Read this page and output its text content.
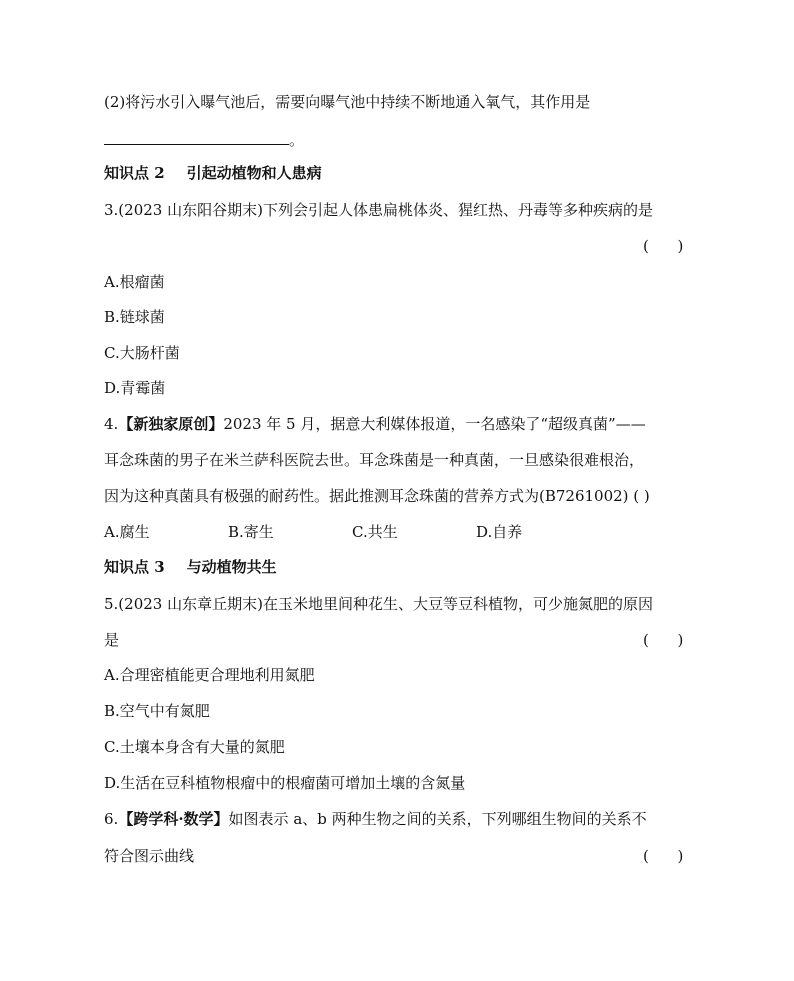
(2)将污水引入曝气池后，需要向曝气池中持续不断地通入氧气，其作用是
。
知识点 2 引起动植物和人患病
3.(2023 山东阳谷期末)下列会引起人体患扁桃体炎、猩红热、丹毒等多种疾病的是
(      )
A.根瘤菌
B.链球菌
C.大肠杆菌
D.青霉菌
4.【新独家原创】2023 年 5 月，据意大利媒体报道，一名感染了“超级真菌”——
耳念珠菌的男子在米兰萨科医院去世。耳念珠菌是一种真菌，一旦感染很难根治，
因为这种真菌具有极强的耐药性。据此推测耳念珠菌的营养方式为(B7261002) ( )
A.腐生	B.寄生	C.共生	D.自养
知识点 3 与动植物共生
5.(2023 山东章丘期末)在玉米地里间种花生、大豆等豆科植物，可少施氮肥的原因
是	(      )
A.合理密植能更合理地利用氮肥
B.空气中有氮肥
C.土壤本身含有大量的氮肥
D.生活在豆科植物根瘤中的根瘤菌可增加土壤的含氮量
6.【跨学科·数学】如图表示 a、b 两种生物之间的关系，下列哪组生物间的关系不
符合图示曲线	(      )
